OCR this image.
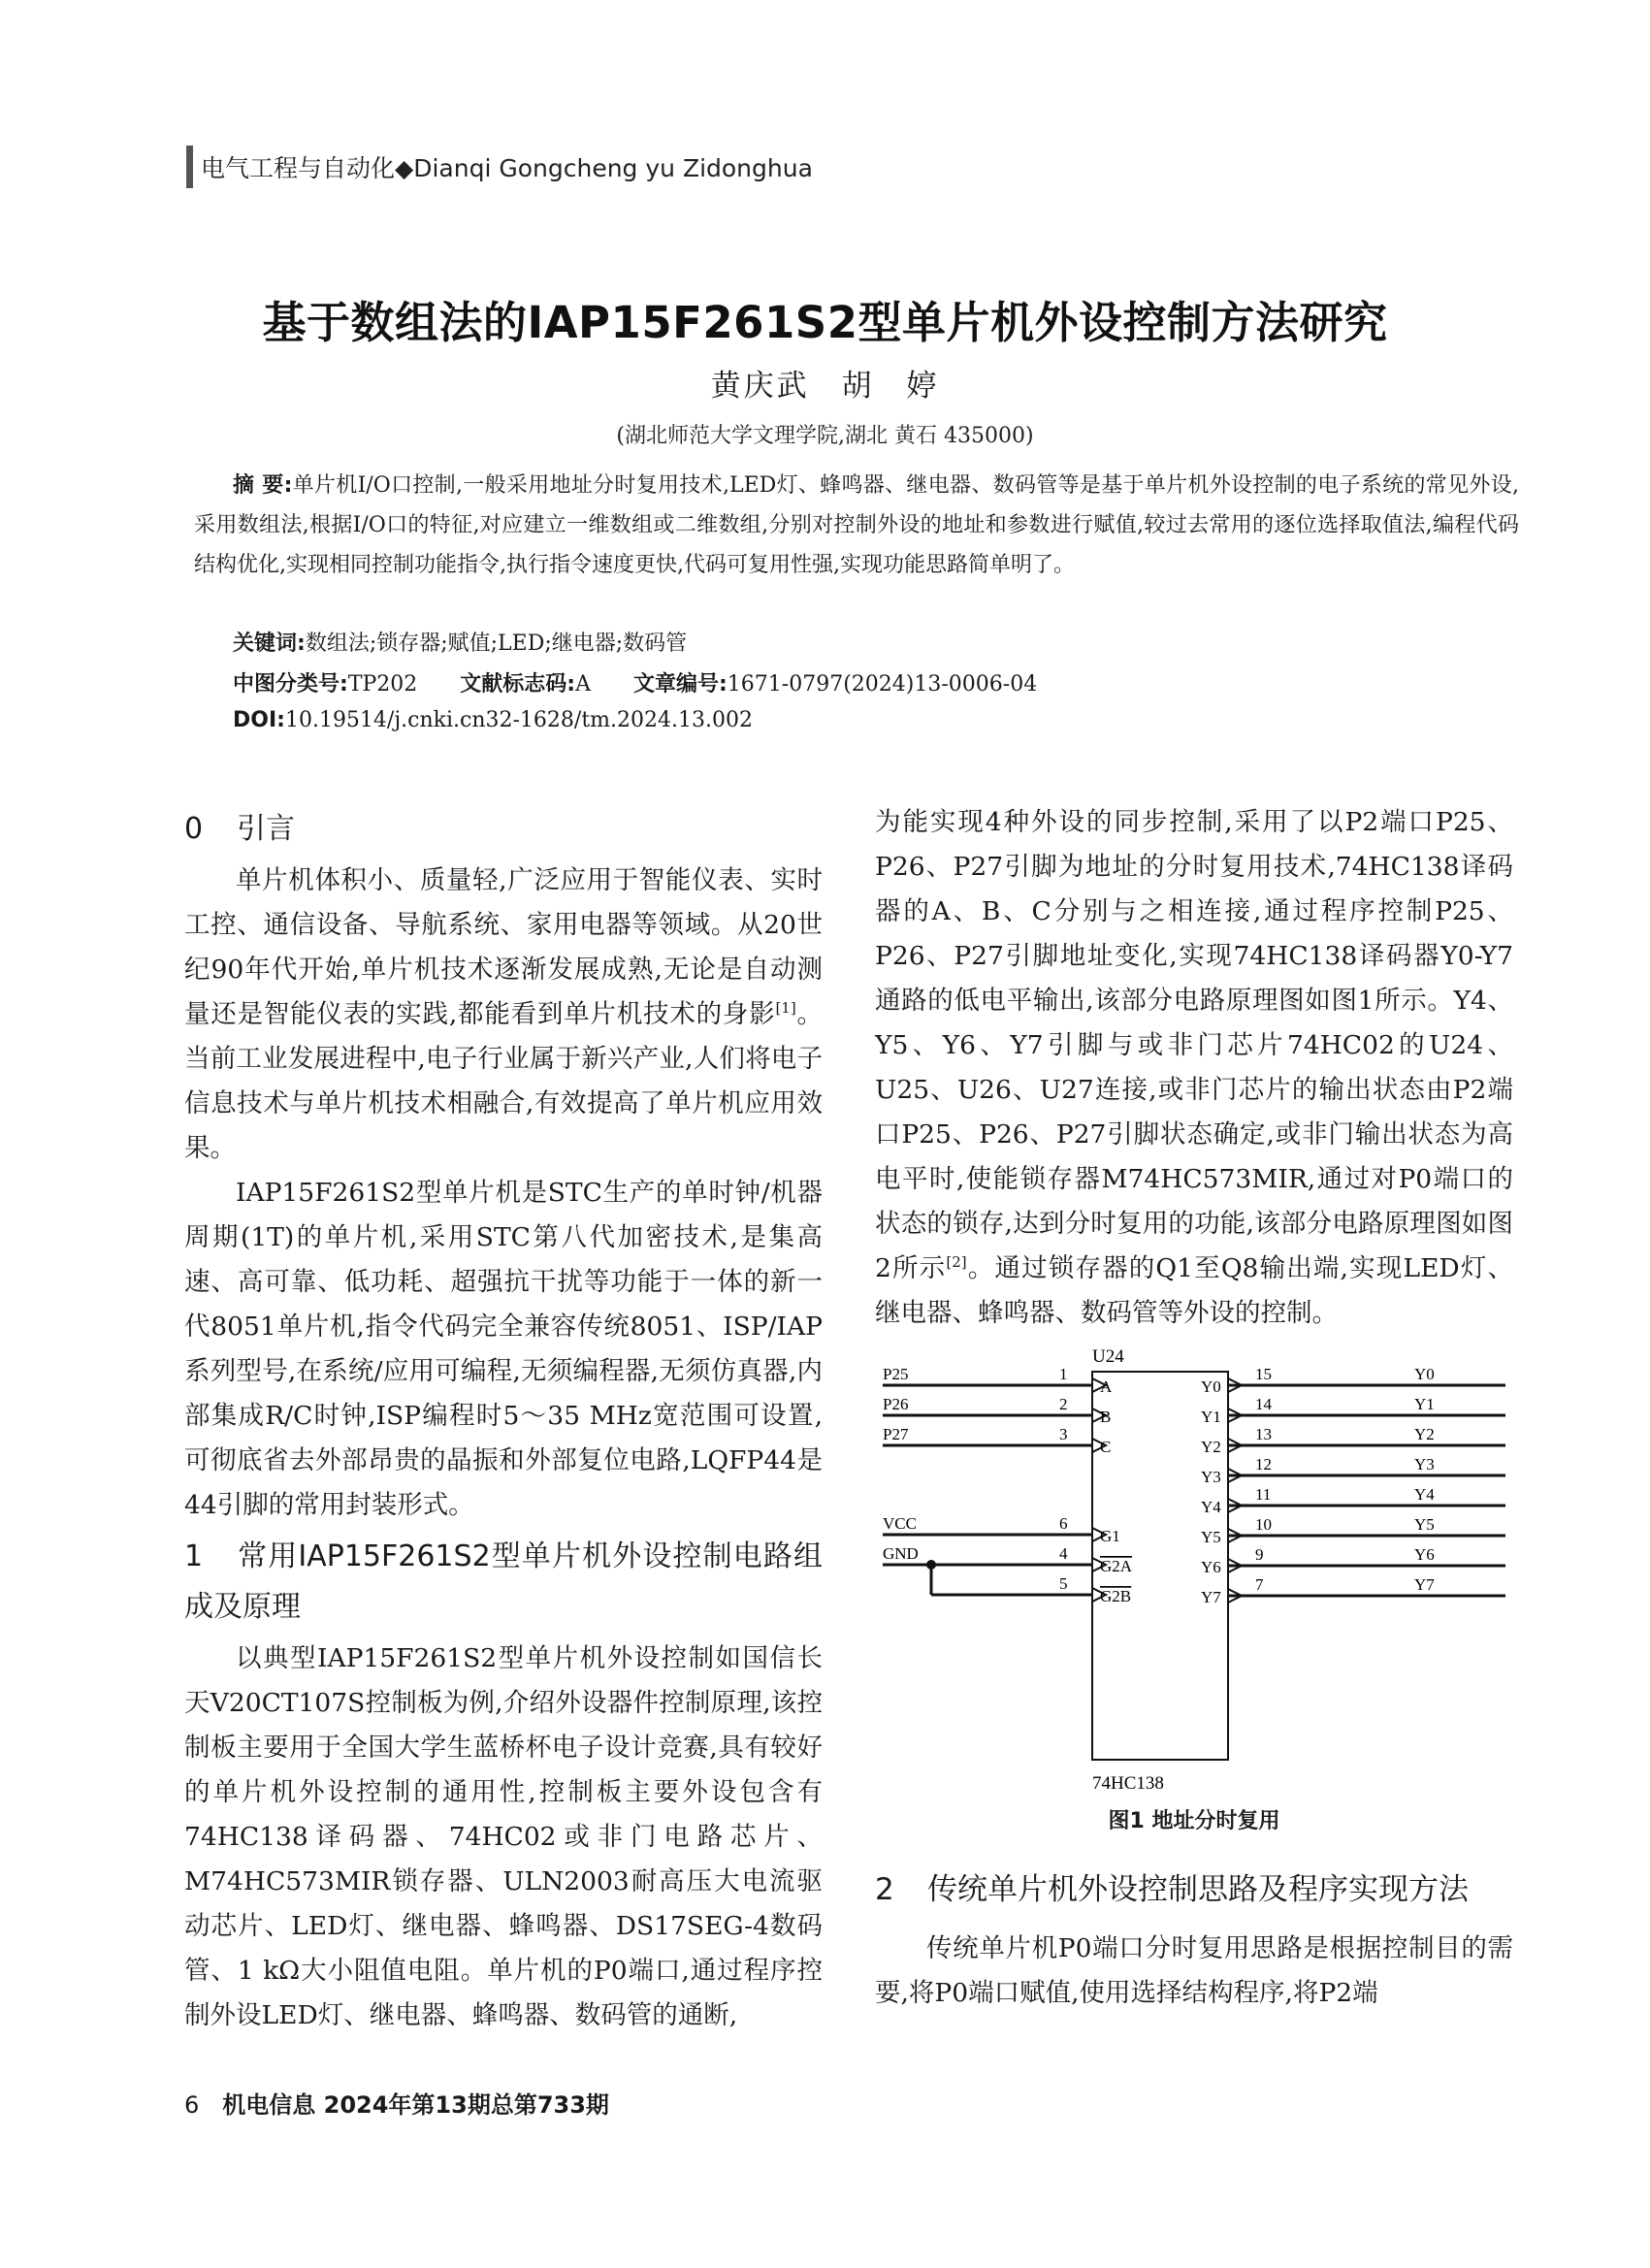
电气工程与自动化◆Dianqi Gongcheng yu Zidonghua
基于数组法的IAP15F261S2型单片机外设控制方法研究
黄庆武 胡 婷
(湖北师范大学文理学院,湖北 黄石 435000)
摘 要:单片机I/O口控制,一般采用地址分时复用技术,LED灯、蜂鸣器、继电器、数码管等是基于单片机外设控制的电子系统的常见外设,采用数组法,根据I/O口的特征,对应建立一维数组或二维数组,分别对控制外设的地址和参数进行赋值,较过去常用的逐位选择取值法,编程代码结构优化,实现相同控制功能指令,执行指令速度更快,代码可复用性强,实现功能思路简单明了。
关键词:数组法;锁存器;赋值;LED;继电器;数码管
中图分类号:TP202 文献标志码:A 文章编号:1671-0797(2024)13-0006-04
DOI:10.19514/j.cnki.cn32-1628/tm.2024.13.002
0 引言

单片机体积小、质量轻,广泛应用于智能仪表、实时工控、通信设备、导航系统、家用电器等领域。从20世纪90年代开始,单片机技术逐渐发展成熟,无论是自动测量还是智能仪表的实践,都能看到单片机技术的身影[1]。当前工业发展进程中,电子行业属于新兴产业,人们将电子信息技术与单片机技术相融合,有效提高了单片机应用效果。

IAP15F261S2型单片机是STC生产的单时钟/机器周期(1T)的单片机,采用STC第八代加密技术,是集高速、高可靠、低功耗、超强抗干扰等功能于一体的新一代8051单片机,指令代码完全兼容传统8051、ISP/IAP系列型号,在系统/应用可编程,无须编程器,无须仿真器,内部集成R/C时钟,ISP编程时5～35 MHz宽范围可设置,可彻底省去外部昂贵的晶振和外部复位电路,LQFP44是44引脚的常用封装形式。

1 常用IAP15F261S2型单片机外设控制电路组成及原理

以典型IAP15F261S2型单片机外设控制如国信长天V20CT107S控制板为例,介绍外设器件控制原理,该控制板主要用于全国大学生蓝桥杯电子设计竞赛,具有较好的单片机外设控制的通用性,控制板主要外设包含有74HC138译码器、74HC02或非门电路芯片、M74HC573MIR锁存器、ULN2003耐高压大电流驱动芯片、LED灯、继电器、蜂鸣器、DS17SEG-4数码管、1 kΩ大小阻值电阻。单片机的P0端口,通过程序控制外设LED灯、继电器、蜂鸣器、数码管的通断,

为能实现4种外设的同步控制,采用了以P2端口P25、P26、P27引脚为地址的分时复用技术,74HC138译码器的A、B、C分别与之相连接,通过程序控制P25、P26、P27引脚地址变化,实现74HC138译码器Y0-Y7通路的低电平输出,该部分电路原理图如图1所示。Y4、Y5、Y6、Y7引脚与或非门芯片74HC02的U24、U25、U26、U27连接,或非门芯片的输出状态由P2端口P25、P26、P27引脚状态确定,或非门输出状态为高电平时,使能锁存器M74HC573MIR,通过对P0端口的状态的锁存,达到分时复用的功能,该部分电路原理图如图2所示[2]。通过锁存器的Q1至Q8输出端,实现LED灯、继电器、蜂鸣器、数码管等外设的控制。

U24
74HC138
P25	1
A
P26	2
B
P27	3
C
VCC	6
G1
GND	4
G2A
5
G2B
Y0
15	Y0
Y1
14	Y1
Y2
13	Y2
Y3
12	Y3
Y4
11	Y4
Y5
10	Y5
Y6
9	Y6
Y7
7	Y7
图1 地址分时复用
2 传统单片机外设控制思路及程序实现方法
传统单片机P0端口分时复用思路是根据控制目的需要,将P0端口赋值,使用选择结构程序,将P2端
6 机电信息 2024年第13期总第733期
